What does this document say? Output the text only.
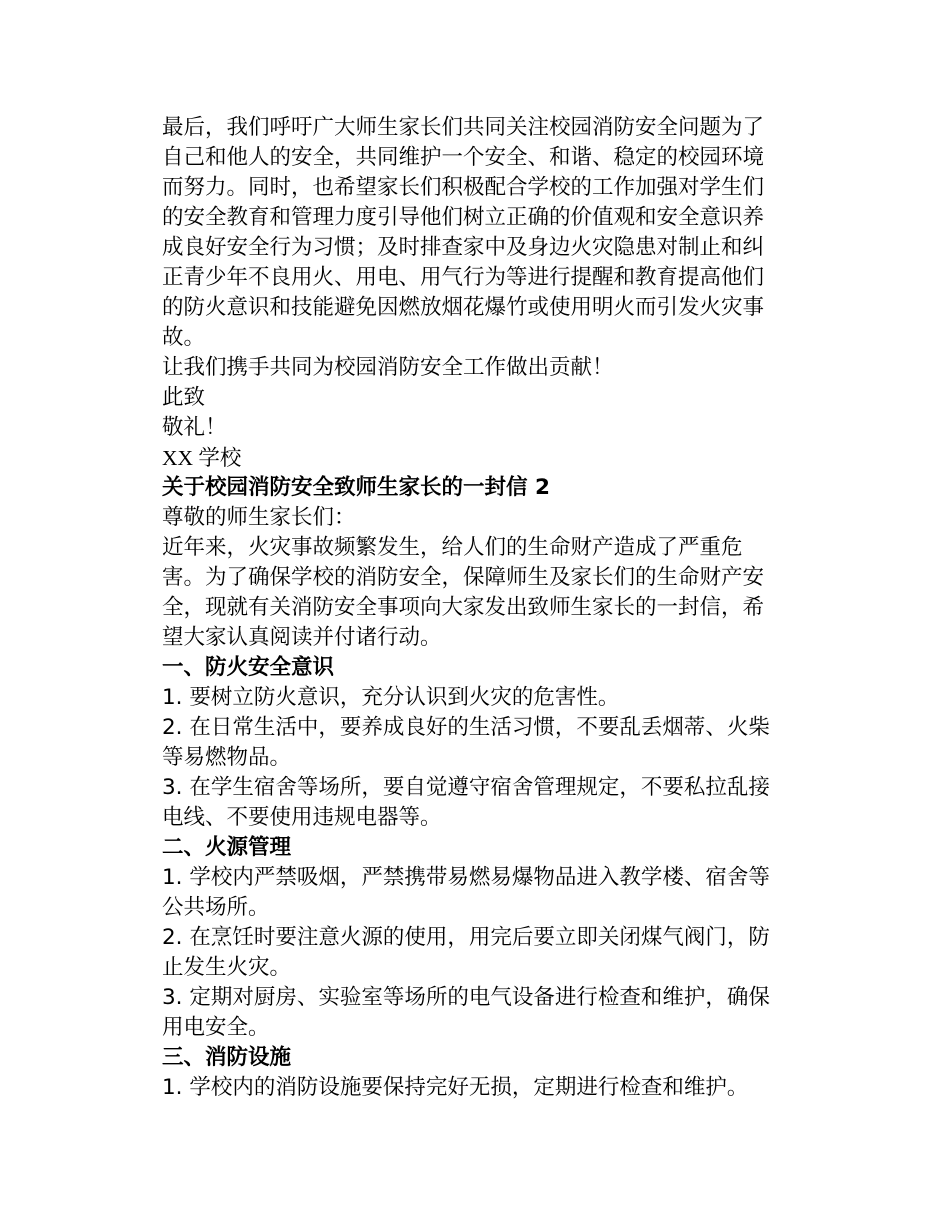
最后，我们呼吁广大师生家长们共同关注校园消防安全问题为了自己和他人的安全，共同维护一个安全、和谐、稳定的校园环境而努力。同时，也希望家长们积极配合学校的工作加强对学生们的安全教育和管理力度引导他们树立正确的价值观和安全意识养成良好安全行为习惯；及时排查家中及身边火灾隐患对制止和纠正青少年不良用火、用电、用气行为等进行提醒和教育提高他们的防火意识和技能避免因燃放烟花爆竹或使用明火而引发火灾事故。

让我们携手共同为校园消防安全工作做出贡献！

此致

敬礼！

XX 学校

关于校园消防安全致师生家长的一封信 2

尊敬的师生家长们：

近年来，火灾事故频繁发生，给人们的生命财产造成了严重危害。为了确保学校的消防安全，保障师生及家长们的生命财产安全，现就有关消防安全事项向大家发出致师生家长的一封信，希望大家认真阅读并付诸行动。

一、防火安全意识

1. 要树立防火意识，充分认识到火灾的危害性。

2. 在日常生活中，要养成良好的生活习惯，不要乱丢烟蒂、火柴等易燃物品。

3. 在学生宿舍等场所，要自觉遵守宿舍管理规定，不要私拉乱接电线、不要使用违规电器等。

二、火源管理

1. 学校内严禁吸烟，严禁携带易燃易爆物品进入教学楼、宿舍等公共场所。

2. 在烹饪时要注意火源的使用，用完后要立即关闭煤气阀门，防止发生火灾。

3. 定期对厨房、实验室等场所的电气设备进行检查和维护，确保用电安全。

三、消防设施

1. 学校内的消防设施要保持完好无损，定期进行检查和维护。
